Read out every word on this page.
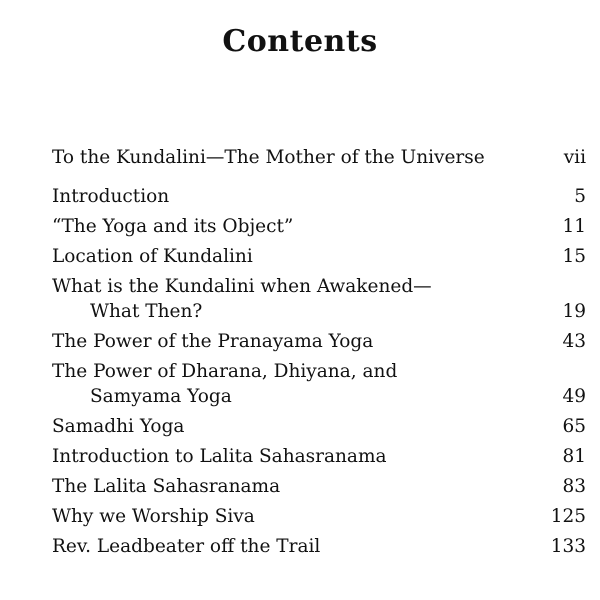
Contents
To the Kundalini—The Mother of the Universe	vii
Introduction	5
“The Yoga and its Object”	11
Location of Kundalini	15
What is the Kundalini when Awakened—
What Then?	19
The Power of the Pranayama Yoga	43
The Power of Dharana, Dhiyana, and
Samyama Yoga	49
Samadhi Yoga	65
Introduction to Lalita Sahasranama	81
The Lalita Sahasranama	83
Why we Worship Siva	125
Rev. Leadbeater off the Trail	133
